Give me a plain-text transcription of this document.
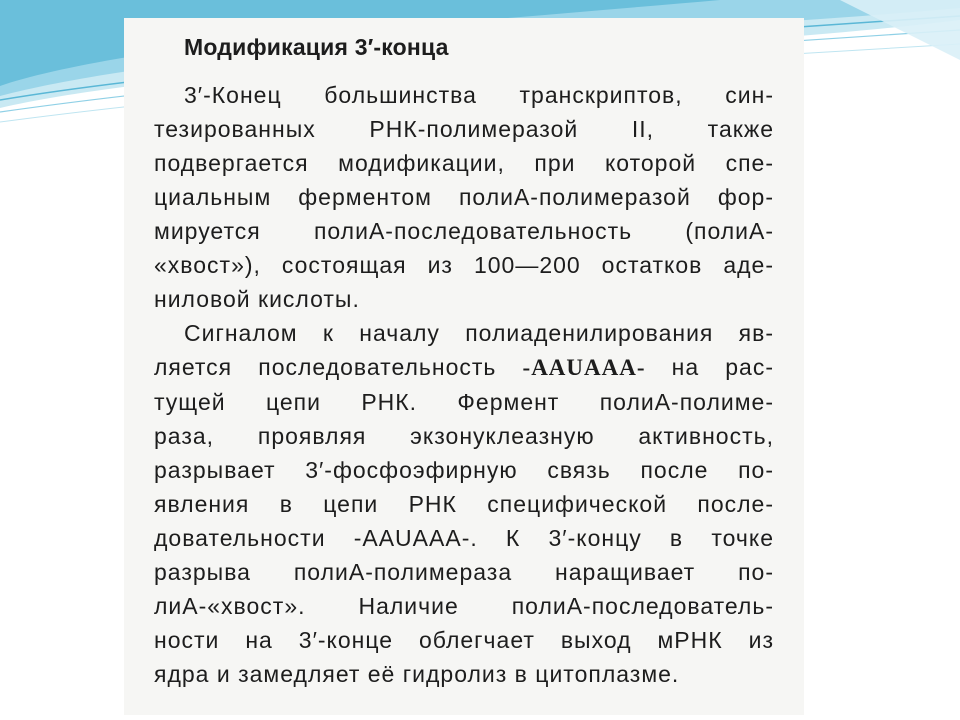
Модификация 3′-конца
3′-Конец большинства транскриптов, син-
тезированных РНК-полимеразой II, также
подвергается модификации, при которой спе-
циальным ферментом полиА-полимеразой фор-
мируется полиА-последовательность (полиА-
«хвост»), состоящая из 100—200 остатков аде-
ниловой кислоты.
Сигналом к началу полиаденилирования яв-
ляется последовательность -AAUAAA- на рас-
тущей цепи РНК. Фермент полиА-полиме-
раза, проявляя экзонуклеазную активность,
разрывает 3′-фосфоэфирную связь после по-
явления в цепи РНК специфической после-
довательности -AAUAAA-. К 3′-концу в точке
разрыва полиА-полимераза наращивает по-
лиА-«хвост». Наличие полиА-последователь-
ности на 3′-конце облегчает выход мРНК из
ядра и замедляет её гидролиз в цитоплазме.
